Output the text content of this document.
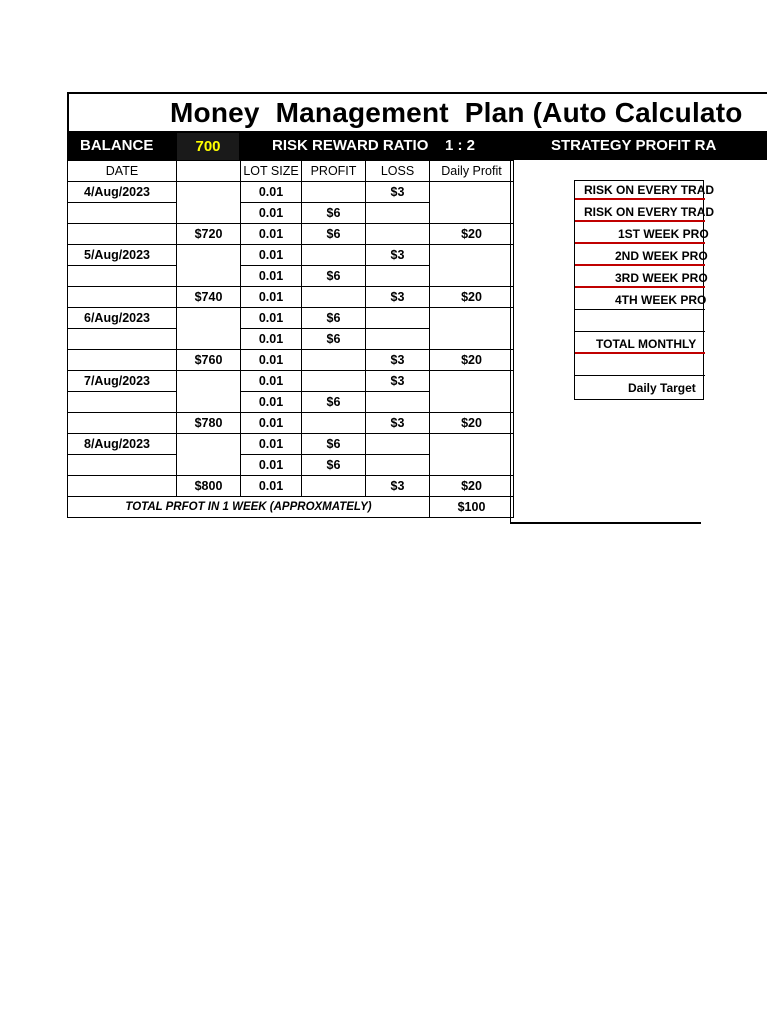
Money  Management  Plan (Auto Calculato
BALANCE	700	RISK REWARD RATIO 1 : 2	STRATEGY PROFIT RA
DATE		LOT SIZE	PROFIT	LOSS	Daily Profit
4/Aug/2023		0.01		$3	
		0.01	$6		
	$720	0.01	$6		$20
5/Aug/2023		0.01		$3	
		0.01	$6		
	$740	0.01		$3	$20
6/Aug/2023		0.01	$6		
		0.01	$6		
	$760	0.01		$3	$20
7/Aug/2023		0.01		$3	
		0.01	$6		
	$780	0.01		$3	$20
8/Aug/2023		0.01	$6		
		0.01	$6		
	$800	0.01		$3	$20
TOTAL PRFOT IN 1 WEEK (APPROXMATELY)					$100
RISK ON EVERY TRAD
RISK ON EVERY TRAD
1ST WEEK PRO
2ND WEEK PRO
3RD WEEK PRO
4TH WEEK PRO
TOTAL MONTHLY
Daily Target
